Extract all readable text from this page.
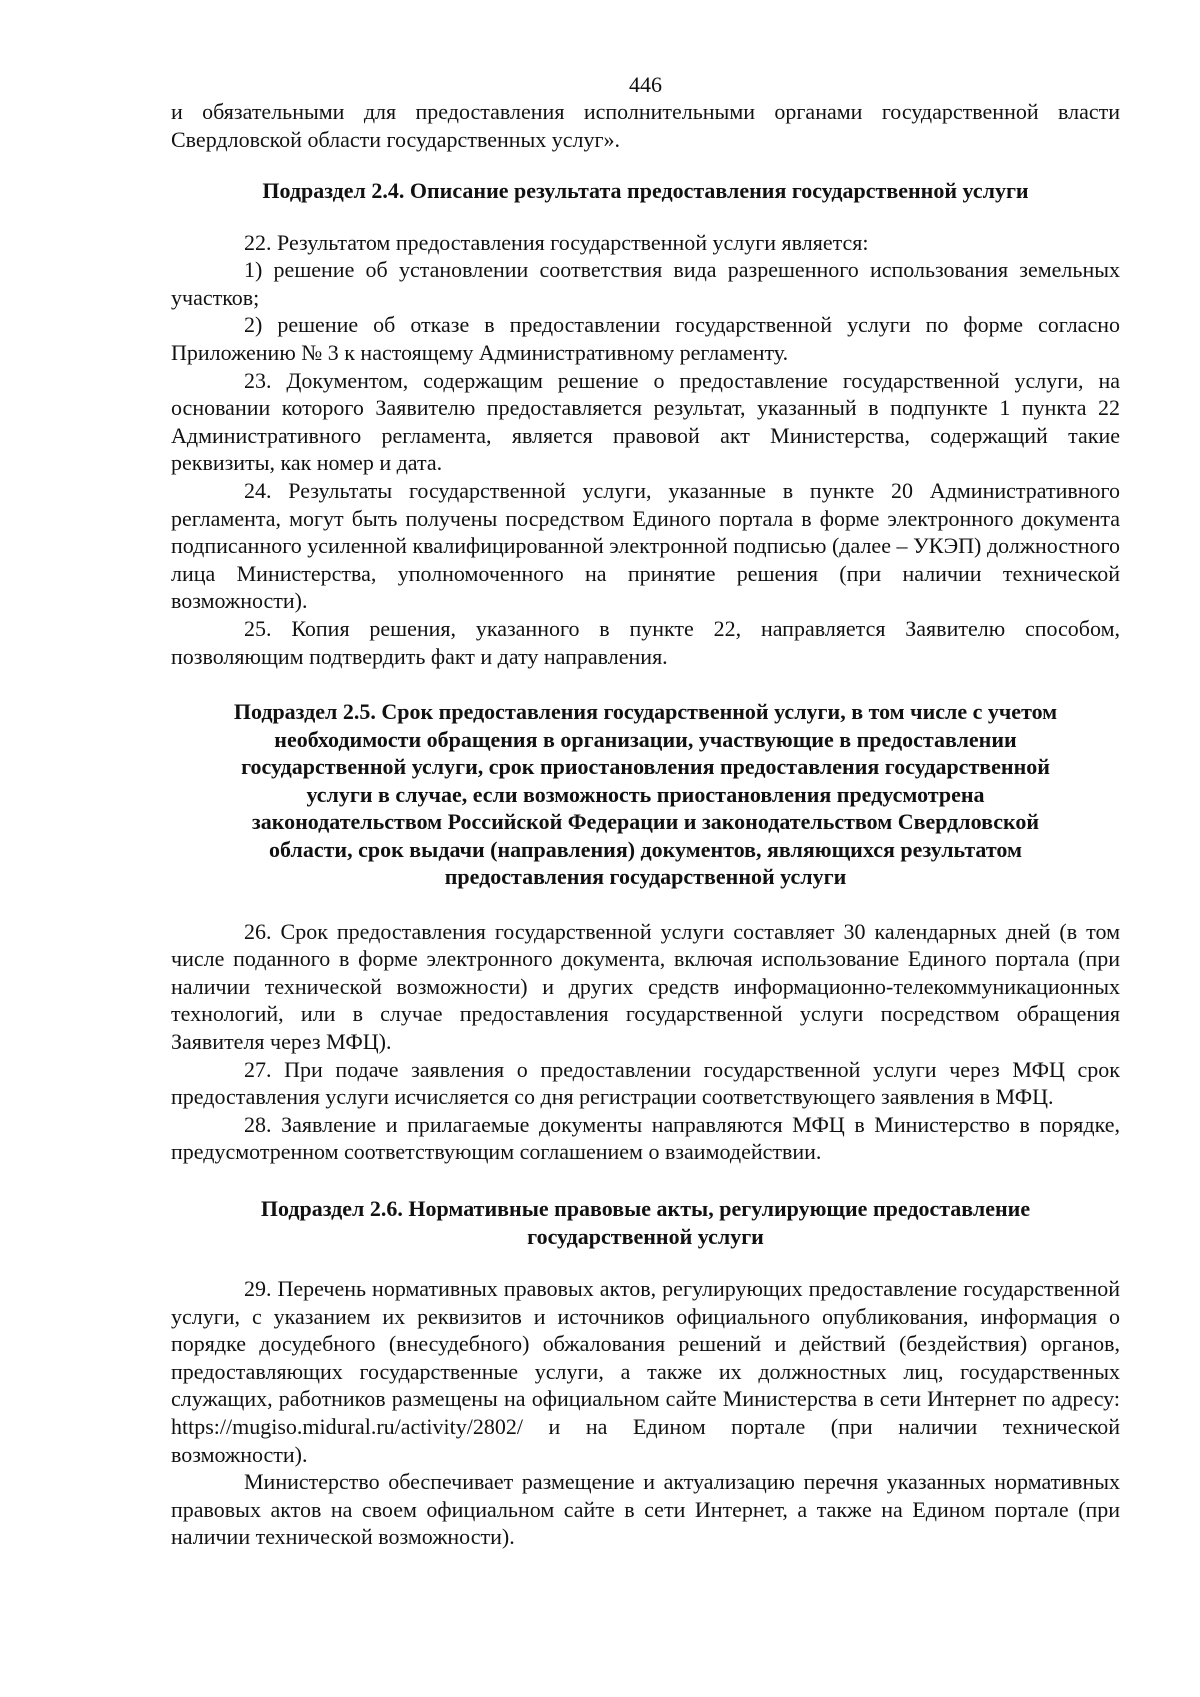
446

и обязательными для предоставления исполнительными органами государственной власти Свердловской области государственных услуг».

Подраздел 2.4. Описание результата предоставления государственной услуги

22. Результатом предоставления государственной услуги является:

1) решение об установлении соответствия вида разрешенного использования земельных участков;

2) решение об отказе в предоставлении государственной услуги по форме согласно Приложению № 3 к настоящему Административному регламенту.

23. Документом, содержащим решение о предоставление государственной услуги, на основании которого Заявителю предоставляется результат, указанный в подпункте 1 пункта 22 Административного регламента, является правовой акт Министерства, содержащий такие реквизиты, как номер и дата.

24. Результаты государственной услуги, указанные в пункте 20 Административного регламента, могут быть получены посредством Единого портала в форме электронного документа подписанного усиленной квалифицированной электронной подписью (далее – УКЭП) должностного лица Министерства, уполномоченного на принятие решения (при наличии технической возможности).

25. Копия решения, указанного в пункте 22, направляется Заявителю способом, позволяющим подтвердить факт и дату направления.

Подраздел 2.5. Срок предоставления государственной услуги, в том числе с учетом
необходимости обращения в организации, участвующие в предоставлении
государственной услуги, срок приостановления предоставления государственной
услуги в случае, если возможность приостановления предусмотрена
законодательством Российской Федерации и законодательством Свердловской
области, срок выдачи (направления) документов, являющихся результатом
предоставления государственной услуги

26. Срок предоставления государственной услуги составляет 30 календарных дней (в том числе поданного в форме электронного документа, включая использование Единого портала (при наличии технической возможности) и других средств информационно-телекоммуникационных технологий, или в случае предоставления государственной услуги посредством обращения Заявителя через МФЦ).

27. При подаче заявления о предоставлении государственной услуги через МФЦ срок предоставления услуги исчисляется со дня регистрации соответствующего заявления в МФЦ.

28. Заявление и прилагаемые документы направляются МФЦ в Министерство в порядке, предусмотренном соответствующим соглашением о взаимодействии.

Подраздел 2.6. Нормативные правовые акты, регулирующие предоставление
государственной услуги

29. Перечень нормативных правовых актов, регулирующих предоставление государственной услуги, с указанием их реквизитов и источников официального опубликования, информация о порядке досудебного (внесудебного) обжалования решений и действий (бездействия) органов, предоставляющих государственные услуги, а также их должностных лиц, государственных служащих, работников размещены на официальном сайте Министерства в сети Интернет по адресу: https://mugiso.midural.ru/activity/2802/ и на Едином портале (при наличии технической возможности).

Министерство обеспечивает размещение и актуализацию перечня указанных нормативных правовых актов на своем официальном сайте в сети Интернет, а также на Едином портале (при наличии технической возможности).
